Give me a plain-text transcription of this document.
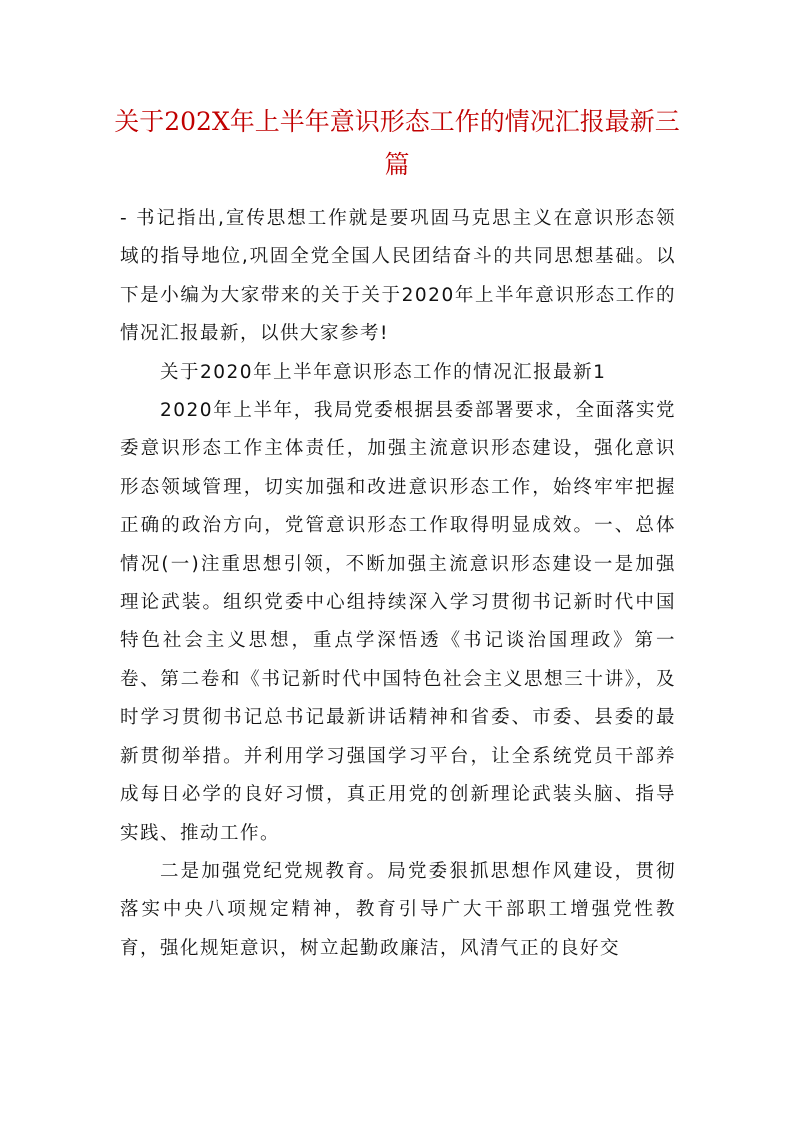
关于202X年上半年意识形态工作的情况汇报最新三篇

- 书记指出,宣传思想工作就是要巩固马克思主义在意识形态领域的指导地位,巩固全党全国人民团结奋斗的共同思想基础。以下是小编为大家带来的关于关于2020年上半年意识形态工作的情况汇报最新，以供大家参考!

关于2020年上半年意识形态工作的情况汇报最新1

2020年上半年，我局党委根据县委部署要求，全面落实党委意识形态工作主体责任，加强主流意识形态建设，强化意识形态领域管理，切实加强和改进意识形态工作，始终牢牢把握正确的政治方向，党管意识形态工作取得明显成效。一、总体情况(一)注重思想引领，不断加强主流意识形态建设一是加强理论武装。组织党委中心组持续深入学习贯彻书记新时代中国特色社会主义思想，重点学深悟透《书记谈治国理政》第一卷、第二卷和《书记新时代中国特色社会主义思想三十讲》，及时学习贯彻书记总书记最新讲话精神和省委、市委、县委的最新贯彻举措。并利用学习强国学习平台，让全系统党员干部养成每日必学的良好习惯，真正用党的创新理论武装头脑、指导实践、推动工作。

二是加强党纪党规教育。局党委狠抓思想作风建设，贯彻落实中央八项规定精神，教育引导广大干部职工增强党性教育，强化规矩意识，树立起勤政廉洁，风清气正的良好交
